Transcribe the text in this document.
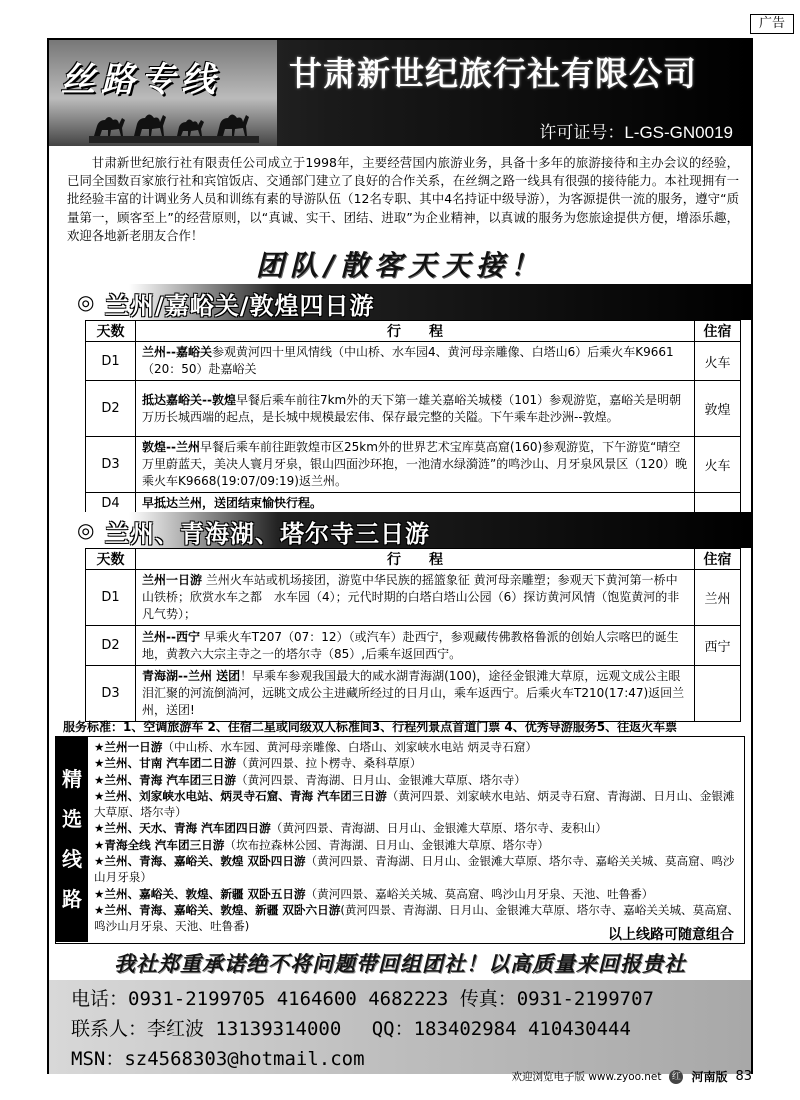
广告
丝路专线 甘肃新世纪旅行社有限公司
许可证号：L-GS-GN0019

甘肃新世纪旅行社有限责任公司成立于1998年，主要经营国内旅游业务，具备十多年的旅游接待和主办会议的经验，已同全国数百家旅行社和宾馆饭店、交通部门建立了良好的合作关系，在丝绸之路一线具有很强的接待能力。本社现拥有一批经验丰富的计调业务人员和训练有素的导游队伍（12名专职、其中4名持证中级导游），为客源提供一流的服务，遵守“质量第一，顾客至上”的经营原则，以“真诚、实干、团结、进取”为企业精神，以真诚的服务为您旅途提供方便，增添乐趣，欢迎各地新老朋友合作！

团队/散客天天接！
◎ 兰州/嘉峪关/敦煌四日游
天数	行　　程	住宿
D1	兰州--嘉峪关参观黄河四十里风情线（中山桥、水车园4、黄河母亲雕像、白塔山6）后乘火车K9661（20：50）赴嘉峪关	火车
D2	抵达嘉峪关--敦煌早餐后乘车前往7km外的天下第一雄关嘉峪关城楼（101）参观游览，嘉峪关是明朝万历长城西端的起点，是长城中规模最宏伟、保存最完整的关隘。下午乘车赴沙洲--敦煌。	敦煌
D3	敦煌--兰州早餐后乘车前往距敦煌市区25km外的世界艺术宝库莫高窟(160)参观游览，下午游览“晴空万里蔚蓝天，美决人寰月牙泉，银山四面沙环抱，一池清水绿漪涟”的鸣沙山、月牙泉风景区（120）晚乘火车K9668(19:07/09:19)返兰州。	火车
D4	早抵达兰州，送团结束愉快行程。	
◎ 兰州、青海湖、塔尔寺三日游
天数	行　　程	住宿
D1	兰州一日游 兰州火车站或机场接团，游览中华民族的摇篮象征 黄河母亲雕塑；参观天下黄河第一桥中山铁桥；欣赏水车之都　水车园（4）；元代时期的白塔白塔山公园（6）探访黄河风情（饱览黄河的非凡气势）；	兰州
D2	兰州--西宁 早乘火车T207（07：12）（或汽车）赴西宁，参观藏传佛教格鲁派的创始人宗喀巴的诞生地，黄教六大宗主寺之一的塔尔寺（85）,后乘车返回西宁。	西宁
D3	青海湖--兰州 送团！早乘车参观我国最大的咸水湖青海湖(100)，途径金银滩大草原，远观文成公主眼泪汇聚的河流倒淌河，远眺文成公主进藏所经过的日月山，乘车返西宁。后乘火车T210(17:47)返回兰州，送团!	
服务标准：1、空调旅游车 2、住宿二星或同级双人标准间3、行程列景点首道门票 4、优秀导游服务5、往返火车票
精
选
线
路
★兰州一日游（中山桥、水车园、黄河母亲雕像、白塔山、刘家峡水电站 炳灵寺石窟）
★兰州、甘南 汽车团二日游（黄河四景、拉卜楞寺、桑科草原）
★兰州、青海 汽车团三日游（黄河四景、青海湖、日月山、金银滩大草原、塔尔寺）
★兰州、刘家峡水电站、炳灵寺石窟、青海 汽车团三日游（黄河四景、刘家峡水电站、炳灵寺石窟、青海湖、日月山、金银滩大草原、塔尔寺）
★兰州、天水、青海 汽车团四日游（黄河四景、青海湖、日月山、金银滩大草原、塔尔寺、麦积山）
★青海全线 汽车团三日游（坎布拉森林公园、青海湖、日月山、金银滩大草原、塔尔寺）
★兰州、青海、嘉峪关、敦煌 双卧四日游（黄河四景、青海湖、日月山、金银滩大草原、塔尔寺、嘉峪关关城、莫高窟、鸣沙山月牙泉）
★兰州、嘉峪关、敦煌、新疆 双卧五日游（黄河四景、嘉峪关关城、莫高窟、鸣沙山月牙泉、天池、吐鲁番）
★兰州、青海、嘉峪关、敦煌、新疆 双卧六日游(黄河四景、青海湖、日月山、金银滩大草原、塔尔寺、嘉峪关关城、莫高窟、鸣沙山月牙泉、天池、吐鲁番)
以上线路可随意组合
我社郑重承诺绝不将问题带回组团社！以高质量来回报贵社
电话：0931-2199705 4164600 4682223 传真：0931-2199707
联系人：李红波 13139314000　 QQ：183402984 410430444
MSN：sz4568303@hotmail.com
欢迎浏览电子版 www.zyoo.net 红 河南版 83
